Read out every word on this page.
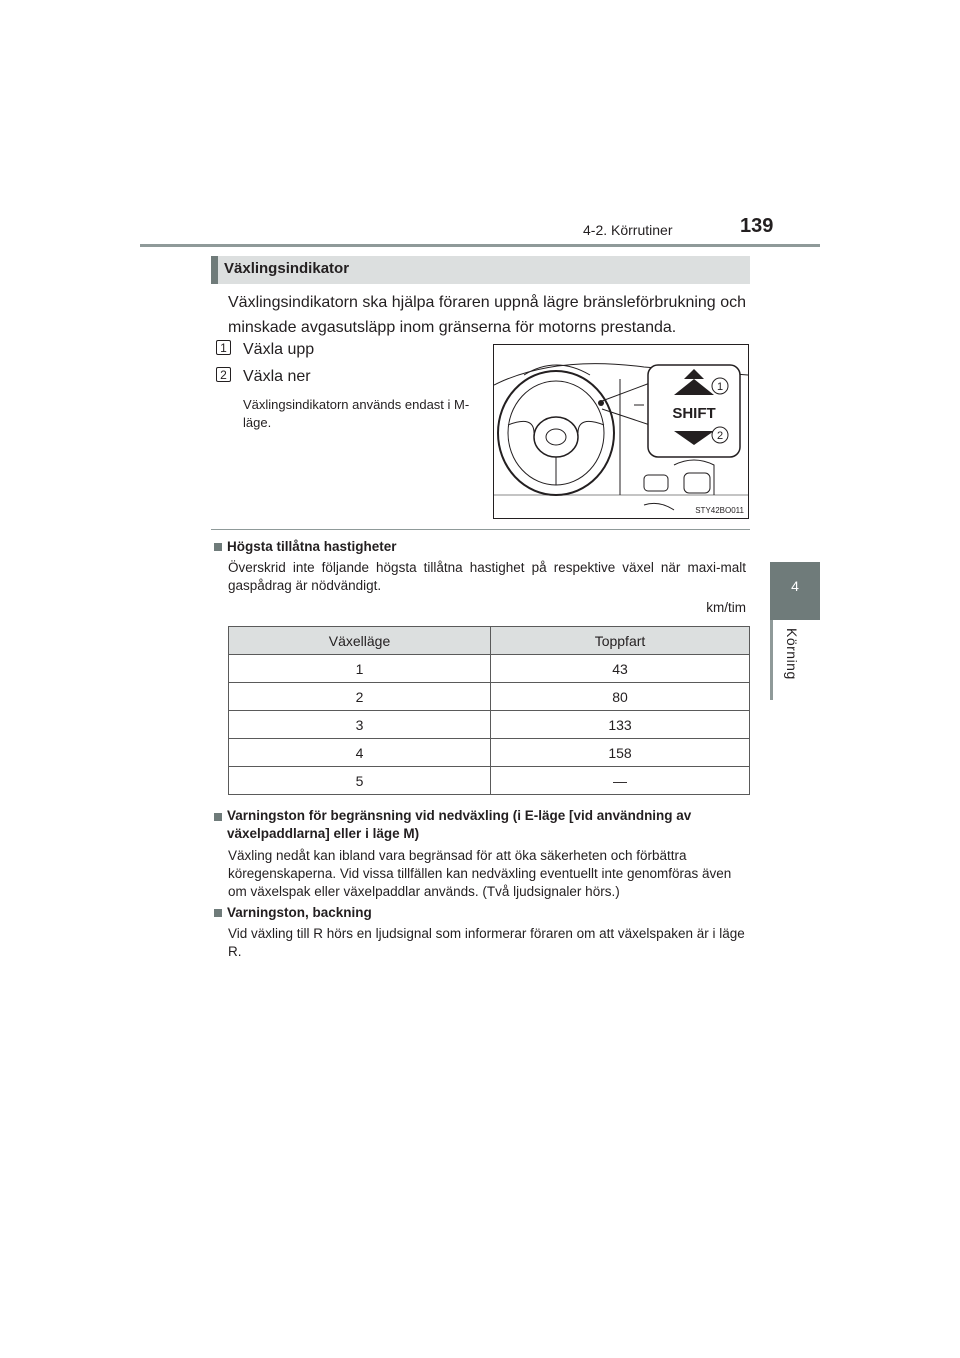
4-2. Körrutiner	139
4
Körning
Växlingsindikator
Växlingsindikatorn ska hjälpa föraren uppnå lägre bränsleförbrukning och minskade avgasutsläpp inom gränserna för motorns prestanda.
1 Växla upp
2 Växla ner
Växlingsindikatorn används endast i M-läge.
SHIFT
1
2
STY42BO011
Högsta tillåtna hastigheter
Överskrid inte följande högsta tillåtna hastighet på respektive växel när maxi-malt gaspådrag är nödvändigt.
km/tim
Växelläge	Toppfart
1	43
2	80
3	133
4	158
5	—
Varningston för begränsning vid nedväxling (i E-läge [vid användning av
växelpaddlarna] eller i läge M)
Växling nedåt kan ibland vara begränsad för att öka säkerheten och förbättra köregenskaperna. Vid vissa tillfällen kan nedväxling eventuellt inte genomföras även om växelspak eller växelpaddlar används. (Två ljudsignaler hörs.)
Varningston, backning
Vid växling till R hörs en ljudsignal som informerar föraren om att växelspaken är i läge R.
